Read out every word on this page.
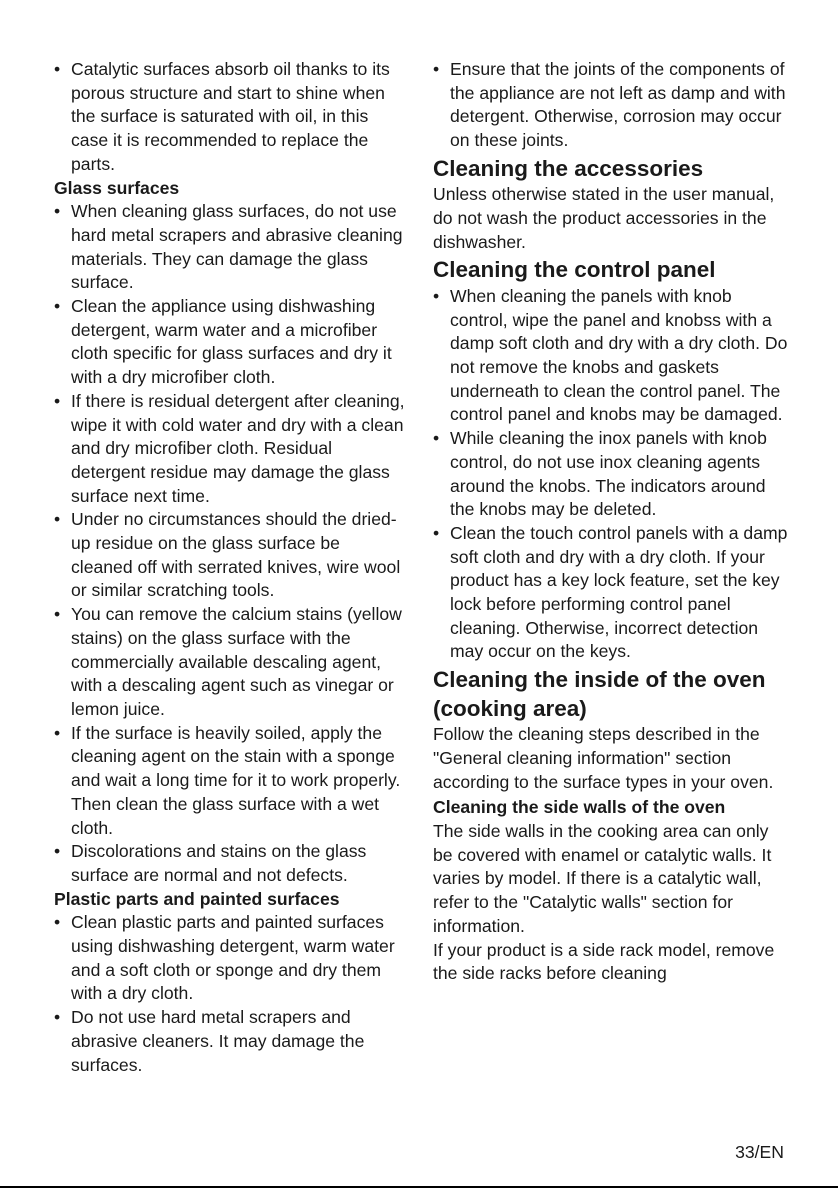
• Catalytic surfaces absorb oil thanks to its porous structure and start to shine when the surface is saturated with oil, in this case it is recommended to replace the parts.
Glass surfaces
• When cleaning glass surfaces, do not use hard metal scrapers and abrasive cleaning materials. They can damage the glass surface.
• Clean the appliance using dishwashing detergent, warm water and a microfiber cloth specific for glass surfaces and dry it with a dry microfiber cloth.
• If there is residual detergent after cleaning, wipe it with cold water and dry with a clean and dry microfiber cloth. Residual detergent residue may damage the glass surface next time.
• Under no circumstances should the dried-up residue on the glass surface be cleaned off with serrated knives, wire wool or similar scratching tools.
• You can remove the calcium stains (yellow stains) on the glass surface with the commercially available descaling agent, with a descaling agent such as vinegar or lemon juice.
• If the surface is heavily soiled, apply the cleaning agent on the stain with a sponge and wait a long time for it to work properly. Then clean the glass surface with a wet cloth.
• Discolorations and stains on the glass surface are normal and not defects.
Plastic parts and painted surfaces
• Clean plastic parts and painted surfaces using dishwashing detergent, warm water and a soft cloth or sponge and dry them with a dry cloth.
• Do not use hard metal scrapers and abrasive cleaners. It may damage the surfaces.
• Ensure that the joints of the components of the appliance are not left as damp and with detergent. Otherwise, corrosion may occur on these joints.
Cleaning the accessories

Unless otherwise stated in the user manual, do not wash the product accessories in the dishwasher.

Cleaning the control panel
• When cleaning the panels with knob control, wipe the panel and knobss with a damp soft cloth and dry with a dry cloth. Do not remove the knobs and gaskets underneath to clean the control panel. The control panel and knobs may be damaged.
• While cleaning the inox panels with knob control, do not use inox cleaning agents around the knobs. The indicators around the knobs may be deleted.
• Clean the touch control panels with a damp soft cloth and dry with a dry cloth. If your product has a key lock feature, set the key lock before performing control panel cleaning. Otherwise, incorrect detection may occur on the keys.
Cleaning the inside of the oven (cooking area)

Follow the cleaning steps described in the "General cleaning information" section according to the surface types in your oven.

Cleaning the side walls of the oven

The side walls in the cooking area can only be covered with enamel or catalytic walls. It varies by model. If there is a catalytic wall, refer to the "Catalytic walls" section for information.

If your product is a side rack model, remove the side racks before cleaning

33/EN
